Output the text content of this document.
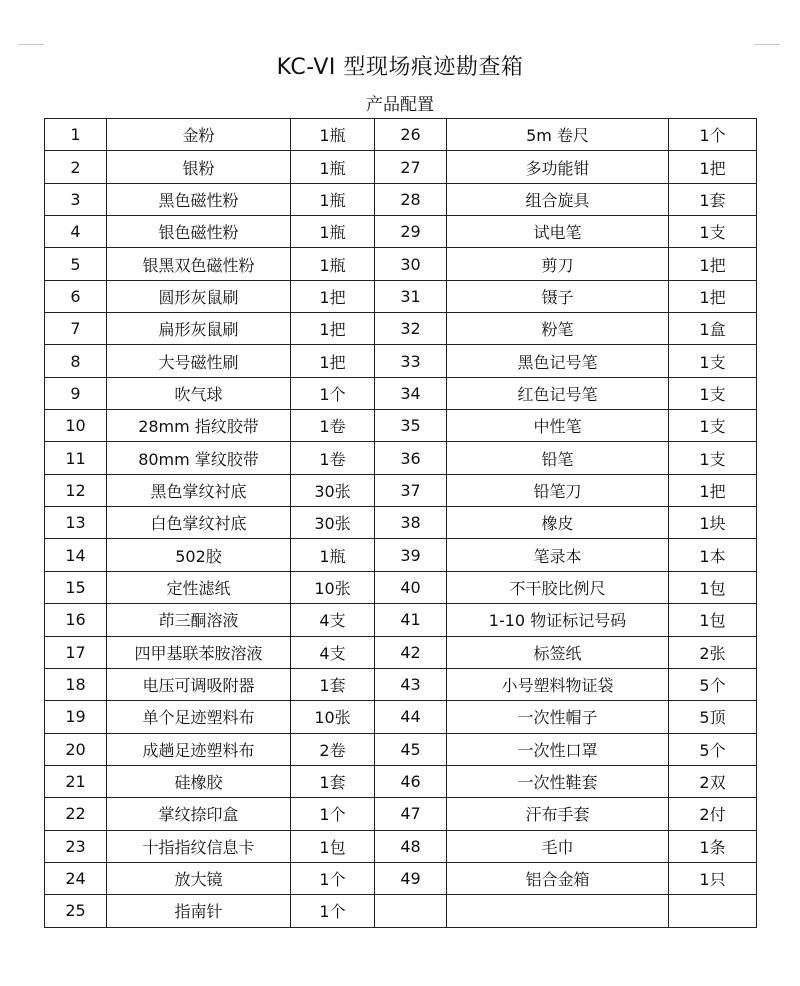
KC-VI 型现场痕迹勘查箱
产品配置
1	金粉	1瓶	26	5m 卷尺	1个
2	银粉	1瓶	27	多功能钳	1把
3	黑色磁性粉	1瓶	28	组合旋具	1套
4	银色磁性粉	1瓶	29	试电笔	1支
5	银黑双色磁性粉	1瓶	30	剪刀	1把
6	圆形灰鼠刷	1把	31	镊子	1把
7	扁形灰鼠刷	1把	32	粉笔	1盒
8	大号磁性刷	1把	33	黑色记号笔	1支
9	吹气球	1个	34	红色记号笔	1支
10	28mm 指纹胶带	1卷	35	中性笔	1支
11	80mm 掌纹胶带	1卷	36	铅笔	1支
12	黑色掌纹衬底	30张	37	铅笔刀	1把
13	白色掌纹衬底	30张	38	橡皮	1块
14	502胶	1瓶	39	笔录本	1本
15	定性滤纸	10张	40	不干胶比例尺	1包
16	茚三酮溶液	4支	41	1-10 物证标记号码	1包
17	四甲基联苯胺溶液	4支	42	标签纸	2张
18	电压可调吸附器	1套	43	小号塑料物证袋	5个
19	单个足迹塑料布	10张	44	一次性帽子	5顶
20	成趟足迹塑料布	2卷	45	一次性口罩	5个
21	硅橡胶	1套	46	一次性鞋套	2双
22	掌纹捺印盒	1个	47	汗布手套	2付
23	十指指纹信息卡	1包	48	毛巾	1条
24	放大镜	1个	49	铝合金箱	1只
25	指南针	1个			
